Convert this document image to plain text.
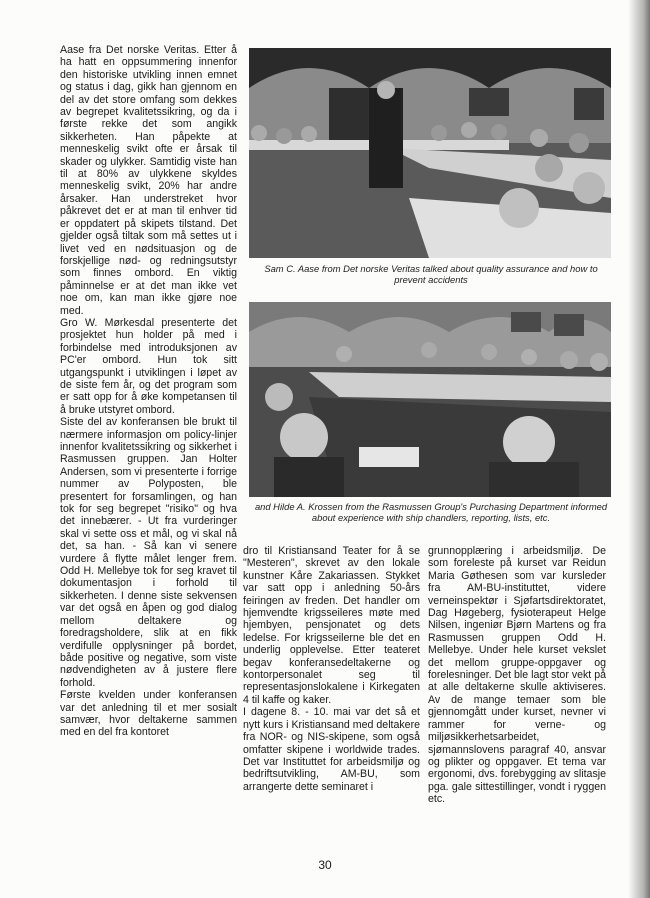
Aase fra Det norske Veritas. Etter å ha hatt en oppsummering innenfor den historiske utvikling innen emnet og status i dag, gikk han gjennom en del av det store omfang som dekkes av begrepet kvalitetssikring, og da i første rekke det som angikk sikkerheten. Han påpekte at menneskelig svikt ofte er årsak til skader og ulykker. Samtidig viste han til at 80% av ulykkene skyldes menneskelig svikt, 20% har andre årsaker. Han understreket hvor påkrevet det er at man til enhver tid er oppdatert på skipets tilstand. Det gjelder også tiltak som må settes ut i livet ved en nødsituasjon og de forskjellige nød- og redningsutstyr som finnes ombord. En viktig påminnelse er at det man ikke vet noe om, kan man ikke gjøre noe med.

Gro W. Mørkesdal presenterte det prosjektet hun holder på med i forbindelse med introduksjonen av PC'er ombord. Hun tok sitt utgangspunkt i utviklingen i løpet av de siste fem år, og det program som er satt opp for å øke kompetansen til å bruke utstyret ombord.

Siste del av konferansen ble brukt til nærmere informasjon om policy-linjer innenfor kvalitetssikring og sikkerhet i Rasmussen gruppen. Jan Holter Andersen, som vi presenterte i forrige nummer av Polyposten, ble presentert for forsamlingen, og han tok for seg begrepet "risiko" og hva det innebærer. - Ut fra vurderinger skal vi sette oss et mål, og vi skal nå det, sa han. - Så kan vi senere vurdere å flytte målet lenger frem. Odd H. Mellebye tok for seg kravet til dokumentasjon i forhold til sikkerheten. I denne siste sekvensen var det også en åpen og god dialog mellom deltakere og foredragsholdere, slik at en fikk verdifulle opplysninger på bordet, både positive og negative, som viste nødvendigheten av å justere flere forhold.

Første kvelden under konferansen var det anledning til et mer sosialt samvær, hvor deltakerne sammen med en del fra kontoret

Sam C. Aase from Det norske Veritas talked about quality assurance and how to prevent accidents
and Hilde A. Krossen from the Rasmussen Group's Purchasing Department informed about experience with ship chandlers, reporting, lists, etc.

dro til Kristiansand Teater for å se "Mesteren", skrevet av den lokale kunstner Kåre Zakariassen. Stykket var satt opp i anledning 50-års feiringen av freden. Det handler om hjemvendte krigsseileres møte med hjembyen, pensjonatet og dets ledelse. For krigsseilerne ble det en underlig opplevelse. Etter teateret begav konferansedeltakerne og kontorpersonalet seg til representasjonslokalene i Kirkegaten 4 til kaffe og kaker.

I dagene 8. - 10. mai var det så et nytt kurs i Kristiansand med deltakere fra NOR- og NIS-skipene, som også omfatter skipene i worldwide trades. Det var Instituttet for arbeidsmiljø og bedriftsutvikling, AM-BU, som arrangerte dette seminaret i

grunnopplæring i arbeidsmiljø. De som foreleste på kurset var Reidun Maria Gøthesen som var kursleder fra AM-BU-instituttet, videre verneinspektør i Sjøfartsdirektoratet, Dag Høgeberg, fysioterapeut Helge Nilsen, ingeniør Bjørn Martens og fra Rasmussen gruppen Odd H. Mellebye. Under hele kurset vekslet det mellom gruppe-oppgaver og forelesninger. Det ble lagt stor vekt på at alle deltakerne skulle aktiviseres. Av de mange temaer som ble gjennomgått under kurset, nevner vi rammer for verne- og miljøsikkerhetsarbeidet, sjømannslovens paragraf 40, ansvar og plikter og oppgaver. Et tema var ergonomi, dvs. forebygging av slitasje pga. gale sittestillinger, vondt i ryggen etc.

30
